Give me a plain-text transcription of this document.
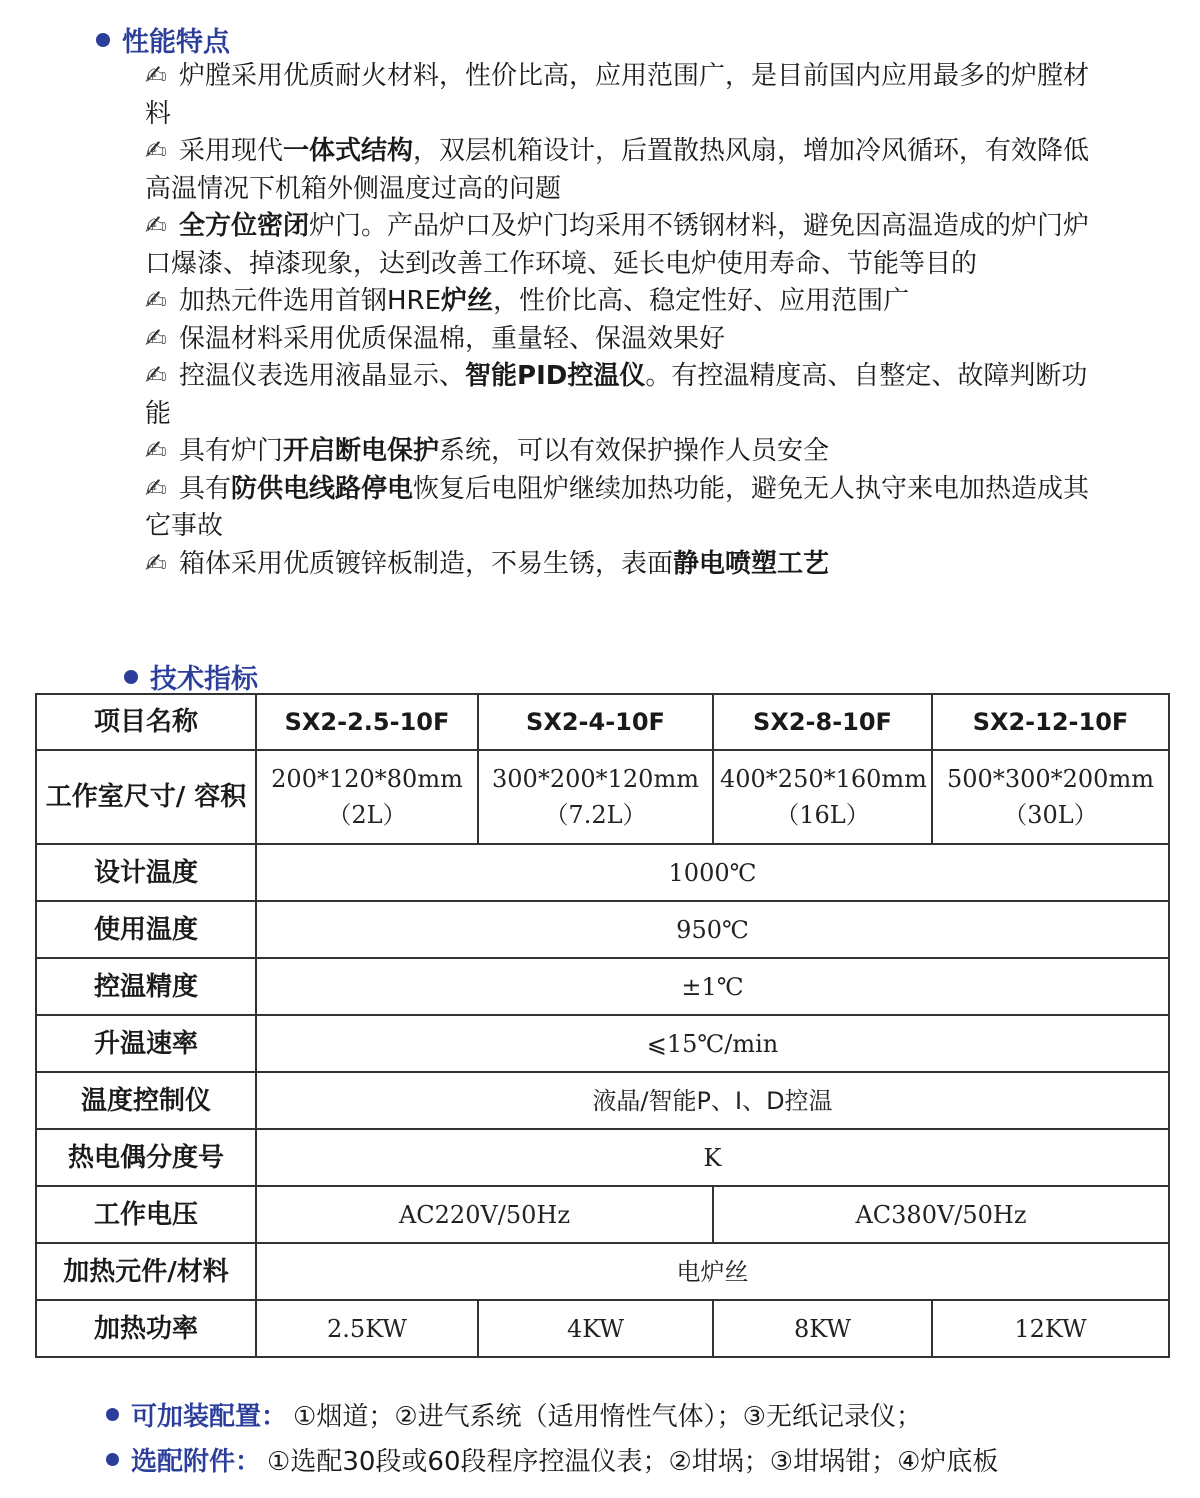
性能特点

✍ 炉膛采用优质耐火材料，性价比高，应用范围广，是目前国内应用最多的炉膛材料

✍ 采用现代一体式结构，双层机箱设计，后置散热风扇，增加冷风循环，有效降低高温情况下机箱外侧温度过高的问题

✍ 全方位密闭炉门。产品炉口及炉门均采用不锈钢材料，避免因高温造成的炉门炉口爆漆、掉漆现象，达到改善工作环境、延长电炉使用寿命、节能等目的

✍ 加热元件选用首钢HRE炉丝，性价比高、稳定性好、应用范围广

✍ 保温材料采用优质保温棉，重量轻、保温效果好

✍ 控温仪表选用液晶显示、智能PID控温仪。有控温精度高、自整定、故障判断功能

✍ 具有炉门开启断电保护系统，可以有效保护操作人员安全

✍ 具有防供电线路停电恢复后电阻炉继续加热功能，避免无人执守来电加热造成其它事故

✍ 箱体采用优质镀锌板制造，不易生锈，表面静电喷塑工艺

技术指标
项目名称	SX2-2.5-10F	SX2-4-10F	SX2-8-10F	SX2-12-10F
工作室尺寸/ 容积	200*120*80mm （2L）	300*200*120mm （7.2L）	400*250*160mm （16L）	500*300*200mm （30L）
设计温度	1000℃			
使用温度	950℃			
控温精度	±1℃			
升温速率	⩽15℃/min			
温度控制仪	液晶/智能P、I、D控温			
热电偶分度号	K			
工作电压	AC220V/50Hz		AC380V/50Hz	
加热元件/材料	电炉丝			
加热功率	2.5KW	4KW	8KW	12KW
可加装配置： ①烟道；②进气系统（适用惰性气体）；③无纸记录仪；
选配附件： ①选配30段或60段程序控温仪表；②坩埚；③坩埚钳；④炉底板
